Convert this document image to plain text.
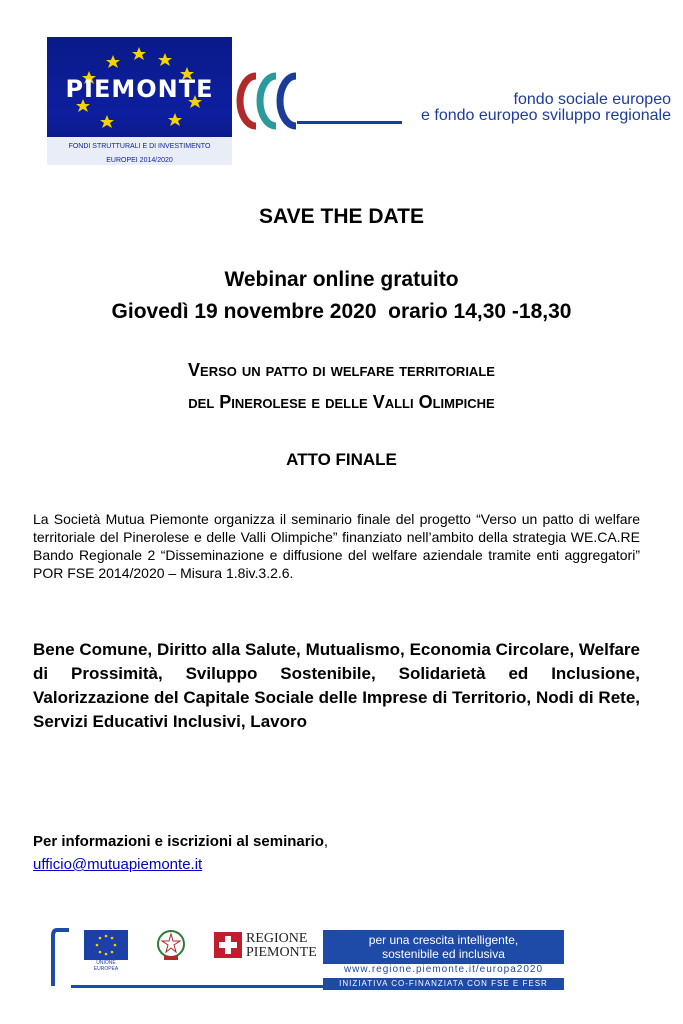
PIEMONTE
FONDI STRUTTURALI E DI INVESTIMENTO
EUROPEI 2014/2020
fondo sociale europeo
e fondo europeo sviluppo regionale
SAVE THE DATE
Webinar online gratuito
Giovedì 19 novembre 2020  orario 14,30 -18,30
Verso un patto di welfare territoriale
del Pinerolese e delle Valli Olimpiche
ATTO FINALE
La Società Mutua Piemonte organizza il seminario finale del progetto “Verso un patto di welfare territoriale del Pinerolese e delle Valli Olimpiche” finanziato nell’ambito della strategia WE.CA.RE Bando Regionale 2 “Disseminazione e diffusione del welfare aziendale tramite enti aggregatori” POR FSE 2014/2020 – Misura 1.8iv.3.2.6.
Bene Comune, Diritto alla Salute, Mutualismo, Economia Circolare, Welfare di Prossimità, Sviluppo Sostenibile, Solidarietà ed Inclusione, Valorizzazione del Capitale Sociale delle Imprese di Territorio, Nodi di Rete, Servizi Educativi Inclusivi, Lavoro
Per informazioni e iscrizioni al seminario,
ufficio@mutuapiemonte.it
UNIONE EUROPEA
REGIONE
PIEMONTE
per una crescita intelligente,
sostenibile ed inclusiva
www.regione.piemonte.it/europa2020
INIZIATIVA CO-FINANZIATA CON FSE E FESR
